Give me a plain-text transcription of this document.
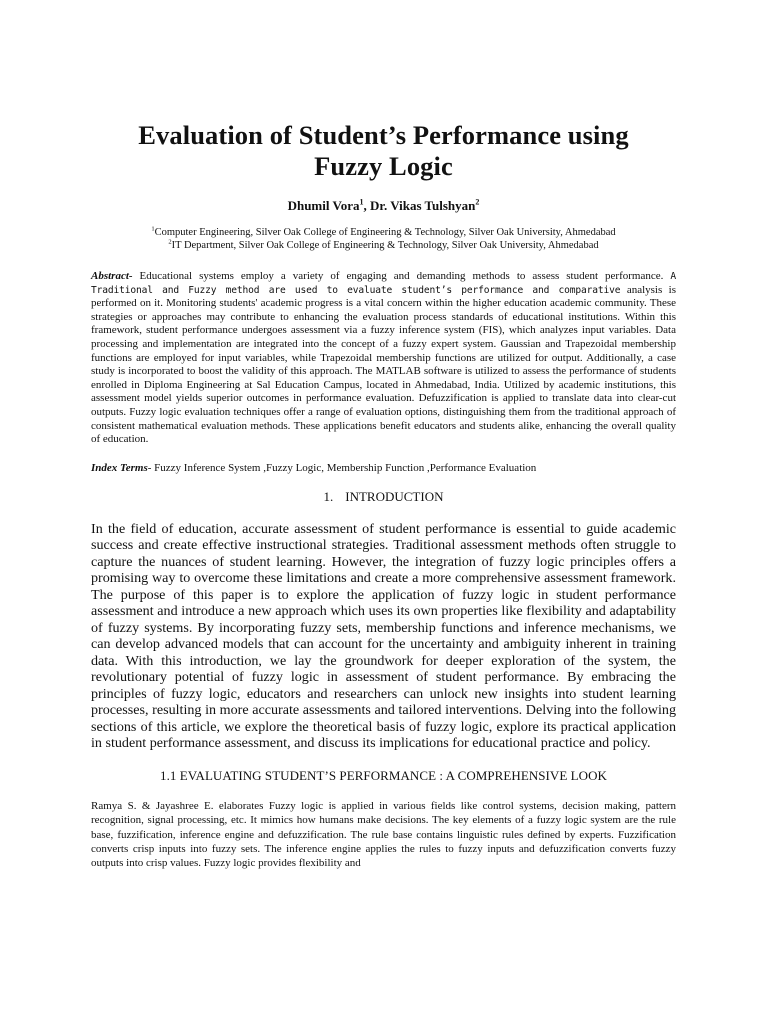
Evaluation of Student’s Performance using
Fuzzy Logic
Dhumil Vora$^1$, Dr. Vikas Tulshyan$^2$
$^1$Computer Engineering, Silver Oak College of Engineering & Technology, Silver Oak University, Ahmedabad
$^2$IT Department, Silver Oak College of Engineering & Technology, Silver Oak University, Ahmedabad
Abstract- Educational systems employ a variety of engaging and demanding methods to assess student performance. A Traditional and Fuzzy method are used to evaluate student’s performance and comparative analysis is performed on it. Monitoring students' academic progress is a vital concern within the higher education academic community. These strategies or approaches may contribute to enhancing the evaluation process standards of educational institutions. Within this framework, student performance undergoes assessment via a fuzzy inference system (FIS), which analyzes input variables. Data processing and implementation are integrated into the concept of a fuzzy expert system. Gaussian and Trapezoidal membership functions are employed for input variables, while Trapezoidal membership functions are utilized for output. Additionally, a case study is incorporated to boost the validity of this approach. The MATLAB software is utilized to assess the performance of students enrolled in Diploma Engineering at Sal Education Campus, located in Ahmedabad, India. Utilized by academic institutions, this assessment model yields superior outcomes in performance evaluation. Defuzzification is applied to translate data into clear-cut outputs. Fuzzy logic evaluation techniques offer a range of evaluation options, distinguishing them from the traditional approach of consistent mathematical evaluation methods. These applications benefit educators and students alike, enhancing the overall quality of education.
Index Terms- Fuzzy Inference System ,Fuzzy Logic, Membership Function ,Performance Evaluation
1. INTRODUCTION
In the field of education, accurate assessment of student performance is essential to guide academic success and create effective instructional strategies. Traditional assessment methods often struggle to capture the nuances of student learning. However, the integration of fuzzy logic principles offers a promising way to overcome these limitations and create a more comprehensive assessment framework. The purpose of this paper is to explore the application of fuzzy logic in student performance assessment and introduce a new approach which uses its own properties like flexibility and adaptability of fuzzy systems. By incorporating fuzzy sets, membership functions and inference mechanisms, we can develop advanced models that can account for the uncertainty and ambiguity inherent in training data. With this introduction, we lay the groundwork for deeper exploration of the system, the revolutionary potential of fuzzy logic in assessment of student performance. By embracing the principles of fuzzy logic, educators and researchers can unlock new insights into student learning processes, resulting in more accurate assessments and tailored interventions. Delving into the following sections of this article, we explore the theoretical basis of fuzzy logic, explore its practical application in student performance assessment, and discuss its implications for educational practice and policy.
1.1 EVALUATING STUDENT’S PERFORMANCE : A COMPREHENSIVE LOOK
Ramya S. & Jayashree E. elaborates Fuzzy logic is applied in various fields like control systems, decision making, pattern recognition, signal processing, etc. It mimics how humans make decisions. The key elements of a fuzzy logic system are the rule base, fuzzification, inference engine and defuzzification. The rule base contains linguistic rules defined by experts. Fuzzification converts crisp inputs into fuzzy sets. The inference engine applies the rules to fuzzy inputs and defuzzification converts fuzzy outputs into crisp values. Fuzzy logic provides flexibility and
